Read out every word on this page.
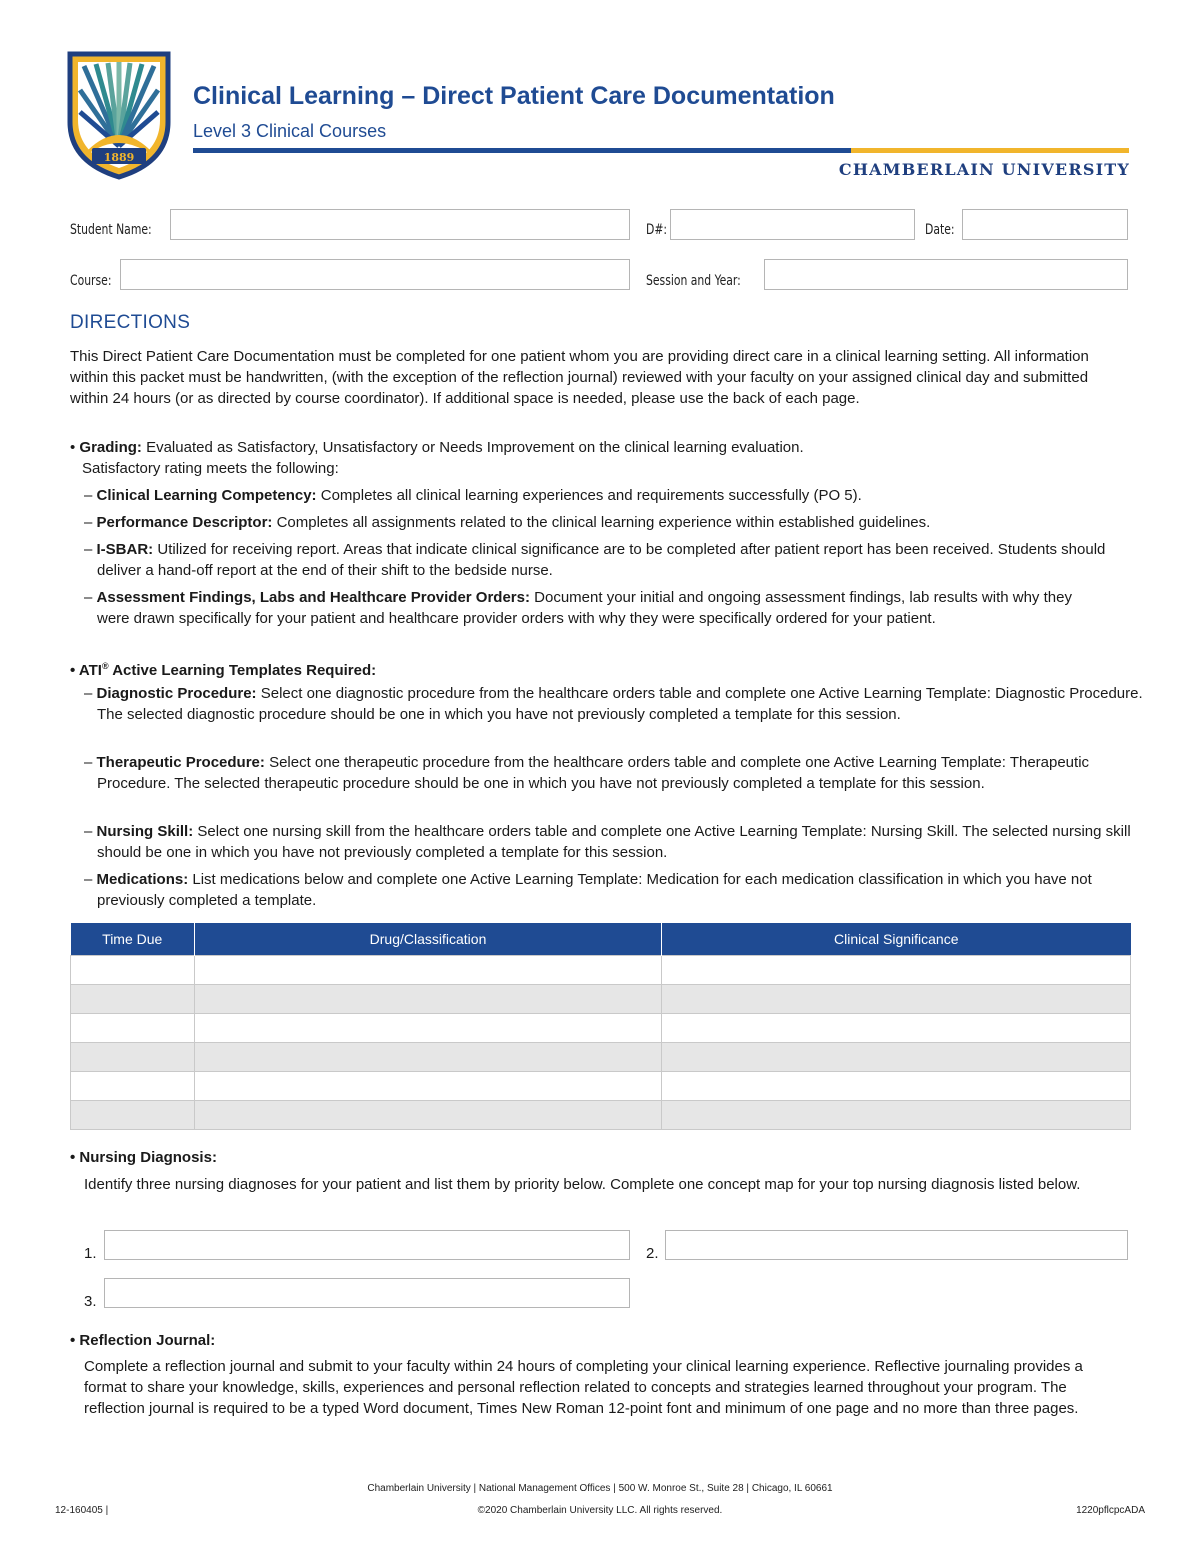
1889
Clinical Learning – Direct Patient Care Documentation
Level 3 Clinical Courses
CHAMBERLAIN UNIVERSITY
Student Name:	D#:	Date:
Course:	Session and Year:
DIRECTIONS
This Direct Patient Care Documentation must be completed for one patient whom you are providing direct care in a clinical learning setting. All information within this packet must be handwritten, (with the exception of the reflection journal) reviewed with your faculty on your assigned clinical day and submitted within 24 hours (or as directed by course coordinator). If additional space is needed, please use the back of each page.
• Grading: Evaluated as Satisfactory, Unsatisfactory or Needs Improvement on the clinical learning evaluation.
Satisfactory rating meets the following:
– Clinical Learning Competency: Completes all clinical learning experiences and requirements successfully (PO 5).
– Performance Descriptor: Completes all assignments related to the clinical learning experience within established guidelines.
– I-SBAR: Utilized for receiving report. Areas that indicate clinical significance are to be completed after patient report has been received. Students should deliver a hand-off report at the end of their shift to the bedside nurse.
– Assessment Findings, Labs and Healthcare Provider Orders: Document your initial and ongoing assessment findings, lab results with why they were drawn specifically for your patient and healthcare provider orders with why they were specifically ordered for your patient.
• ATI® Active Learning Templates Required:
– Diagnostic Procedure: Select one diagnostic procedure from the healthcare orders table and complete one Active Learning Template: Diagnostic Procedure. The selected diagnostic procedure should be one in which you have not previously completed a template for this session.
– Therapeutic Procedure: Select one therapeutic procedure from the healthcare orders table and complete one Active Learning Template: Therapeutic Procedure. The selected therapeutic procedure should be one in which you have not previously completed a template for this session.
– Nursing Skill: Select one nursing skill from the healthcare orders table and complete one Active Learning Template: Nursing Skill. The selected nursing skill should be one in which you have not previously completed a template for this session.
– Medications: List medications below and complete one Active Learning Template: Medication for each medication classification in which you have not previously completed a template.
Time Due	Drug/Classification	Clinical Significance

• Nursing Diagnosis:
Identify three nursing diagnoses for your patient and list them by priority below. Complete one concept map for your top nursing diagnosis listed below.
1.	2.
3.
• Reflection Journal:
Complete a reflection journal and submit to your faculty within 24 hours of completing your clinical learning experience. Reflective journaling provides a format to share your knowledge, skills, experiences and personal reflection related to concepts and strategies learned throughout your program. The reflection journal is required to be a typed Word document, Times New Roman 12-point font and minimum of one page and no more than three pages.
Chamberlain University | National Management Offices | 500 W. Monroe St., Suite 28 | Chicago, IL 60661
12-160405 |	©2020 Chamberlain University LLC. All rights reserved.	1220pflcpcADA
